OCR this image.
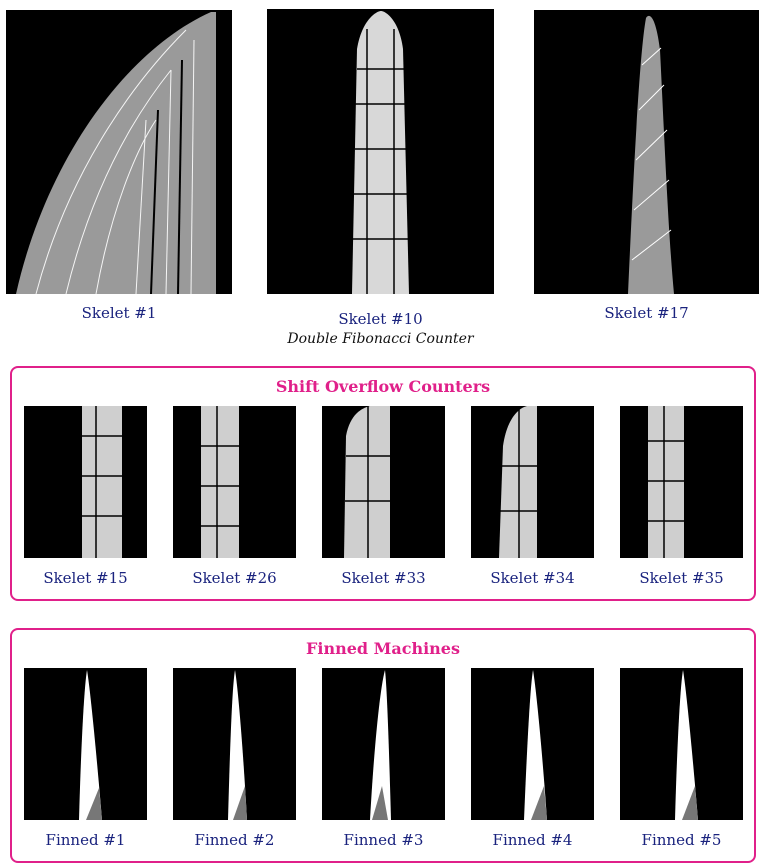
Skelet #1	Skelet #10
Double Fibonacci Counter
Skelet #17
Shift Overflow Counters
Skelet #15	Skelet #26	Skelet #33	Skelet #34	Skelet #35
Finned Machines
Finned #1	Finned #2	Finned #3	Finned #4	Finned #5
